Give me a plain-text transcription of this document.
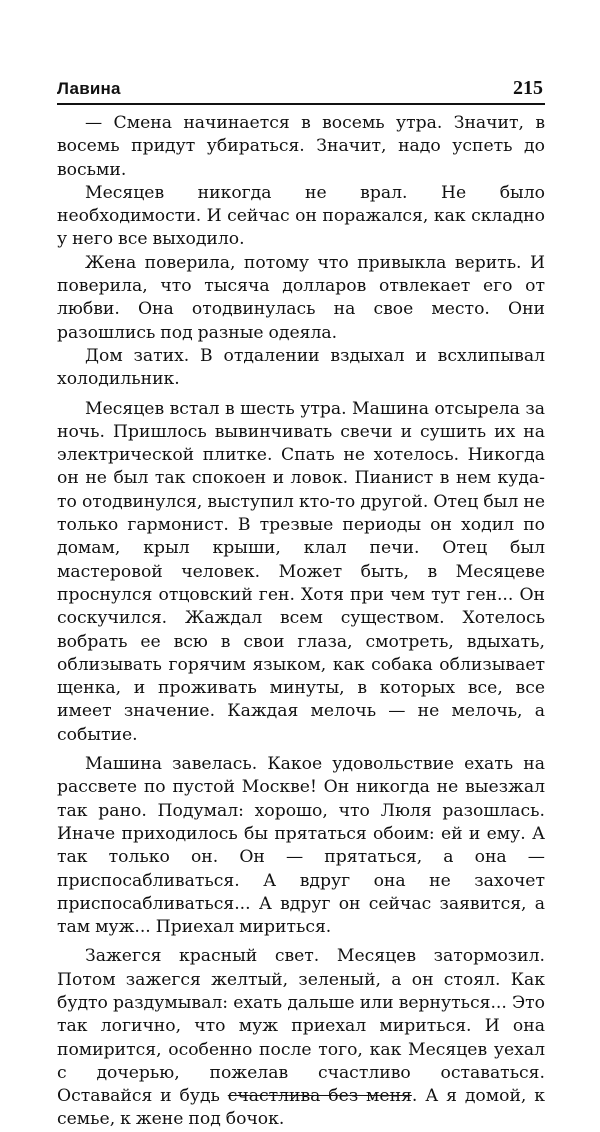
Лавина	215

— Смена начинается в восемь утра. Значит, в восемь придут убираться. Значит, надо успеть до восьми.

Месяцев никогда не врал. Не было необходимости. И сейчас он поражался, как складно у него все выходило.

Жена поверила, потому что привыкла верить. И поверила, что тысяча долларов отвлекает его от любви. Она отодвинулась на свое место. Они разошлись под разные одеяла.

Дом затих. В отдалении вздыхал и всхлипывал холодильник.

Месяцев встал в шесть утра. Машина отсырела за ночь. Пришлось вывинчивать свечи и сушить их на электрической плитке. Спать не хотелось. Никогда он не был так спокоен и ловок. Пианист в нем куда-то отодвинулся, выступил кто-то другой. Отец был не только гармонист. В трезвые периоды он ходил по домам, крыл крыши, клал печи. Отец был мастеровой человек. Может быть, в Месяцеве проснулся отцовский ген. Хотя при чем тут ген... Он соскучился. Жаждал всем существом. Хотелось вобрать ее всю в свои глаза, смотреть, вдыхать, облизывать горячим языком, как собака облизывает щенка, и проживать минуты, в которых все, все имеет значение. Каждая мелочь — не мелочь, а событие.

Машина завелась. Какое удовольствие ехать на рассвете по пустой Москве! Он никогда не выезжал так рано. Подумал: хорошо, что Люля разошлась. Иначе приходилось бы прятаться обоим: ей и ему. А так только он. Он — прятаться, а она — приспосабливаться. А вдруг она не захочет приспосабливаться... А вдруг он сейчас заявится, а там муж... Приехал мириться.

Зажегся красный свет. Месяцев затормозил. Потом зажегся желтый, зеленый, а он стоял. Как будто раздумывал: ехать дальше или вернуться... Это так логично, что муж приехал мириться. И она помирится, особенно после того, как Месяцев уехал с дочерью, пожелав счастливо оставаться. Оставайся и будь счастлива без меня. А я домой, к семье, к жене под бочок.
